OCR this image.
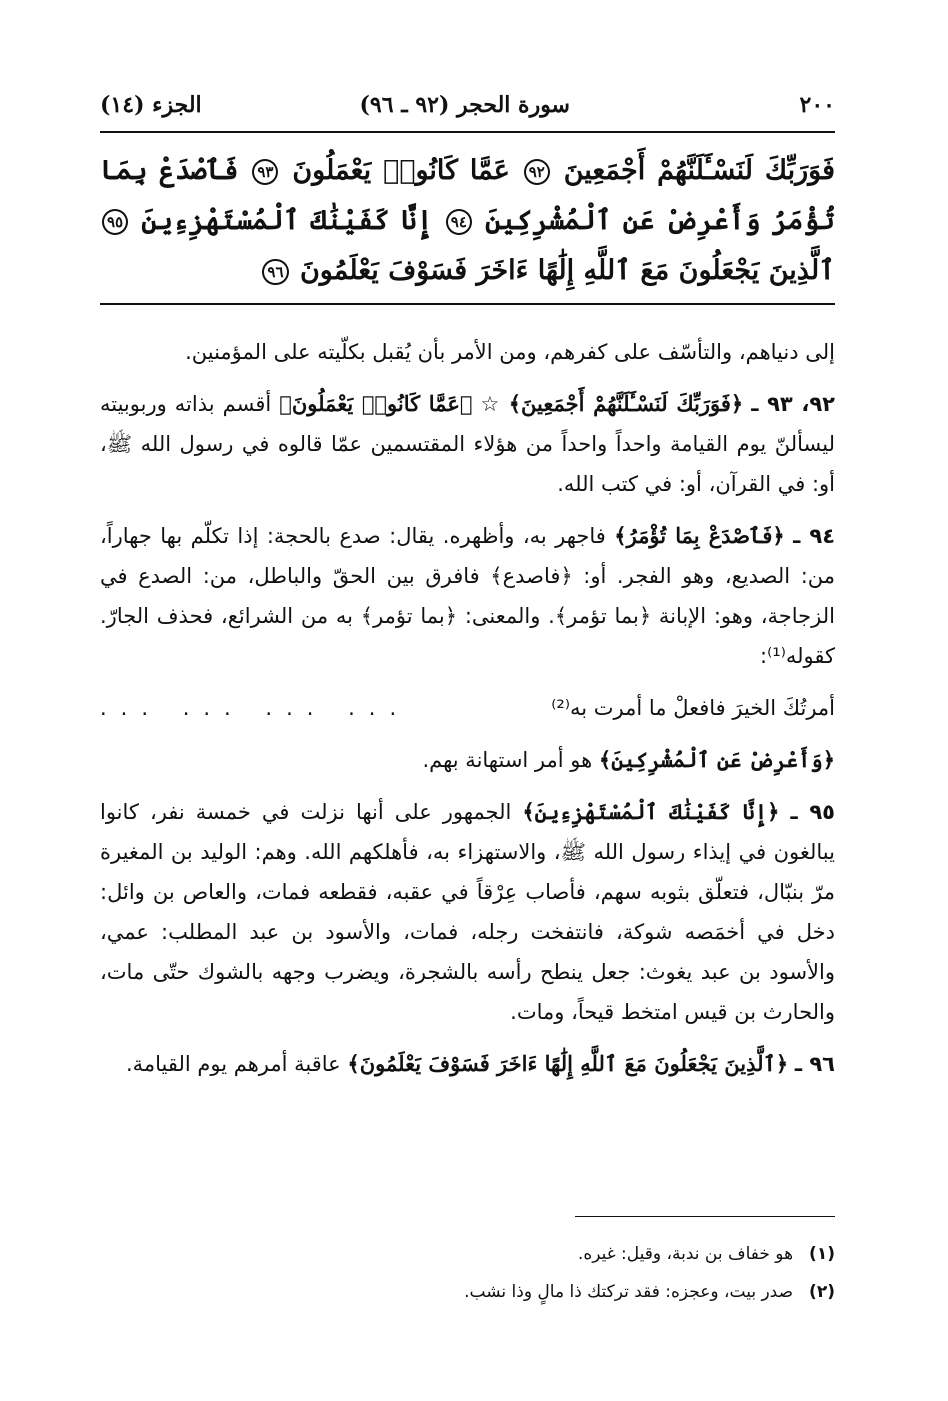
٢٠٠
سورة الحجر (٩٢ ـ ٩٦)
الجزء (١٤)
فَوَرَبِّكَ لَنَسْـَٔلَنَّهُمْ أَجْمَعِينَ ٩٢ عَمَّا كَانُوا۟ يَعْمَلُونَ ٩٣ فَٱصْدَعْ بِمَا تُؤْمَرُ وَأَعْرِضْ عَنِ ٱلْمُشْرِكِينَ ٩٤ إِنَّا كَفَيْنَٰكَ ٱلْمُسْتَهْزِءِينَ ٩٥ ٱلَّذِينَ يَجْعَلُونَ مَعَ ٱللَّهِ إِلَٰهًا ءَاخَرَ فَسَوْفَ يَعْلَمُونَ ٩٦

إلى دنياهم، والتأسّف على كفرهم، ومن الأمر بأن يُقبل بكلّيته على المؤمنين.

٩٢، ٩٣ ـ ﴿فَوَرَبِّكَ لَنَسْـَٔلَنَّهُمْ أَجْمَعِينَ﴾ ☆ ﴿عَمَّا كَانُوا۟ يَعْمَلُونَ﴾ أقسم بذاته وربوبيته ليسألنّ يوم القيامة واحداً واحداً من هؤلاء المقتسمين عمّا قالوه في رسول الله ﷺ، أو: في القرآن، أو: في كتب الله.

٩٤ ـ ﴿فَٱصْدَعْ بِمَا تُؤْمَرُ﴾ فاجهر به، وأظهره. يقال: صدع بالحجة: إذا تكلّم بها جهاراً، من: الصديع، وهو الفجر. أو: ﴿فاصدع﴾ فافرق بين الحقّ والباطل، من: الصدع في الزجاجة، وهو: الإبانة ﴿بما تؤمر﴾. والمعنى: ﴿بما تؤمر﴾ به من الشرائع، فحذف الجارّ. كقوله⁽¹⁾:

أمرتُكَ الخيرَ فافعلْ ما أمرت به⁽²⁾
... ... ... ...

﴿وَأَعْرِضْ عَنِ ٱلْمُشْرِكِينَ﴾ هو أمر استهانة بهم.

٩٥ ـ ﴿إِنَّا كَفَيْنَٰكَ ٱلْمُسْتَهْزِءِينَ﴾ الجمهور على أنها نزلت في خمسة نفر، كانوا يبالغون في إيذاء رسول الله ﷺ، والاستهزاء به، فأهلكهم الله. وهم: الوليد بن المغيرة مرّ بنبّال، فتعلّق بثوبه سهم، فأصاب عِرْقاً في عقبه، فقطعه فمات، والعاص بن وائل: دخل في أخمَصه شوكة، فانتفخت رجله، فمات، والأسود بن عبد المطلب: عمي، والأسود بن عبد يغوث: جعل ينطح رأسه بالشجرة، ويضرب وجهه بالشوك حتّى مات، والحارث بن قيس امتخط قيحاً، ومات.

٩٦ ـ ﴿ٱلَّذِينَ يَجْعَلُونَ مَعَ ٱللَّهِ إِلَٰهًا ءَاخَرَ فَسَوْفَ يَعْلَمُونَ﴾ عاقبة أمرهم يوم القيامة.

(١)
هو خفاف بن ندبة، وقيل: غيره.
(٢)
صدر بيت، وعجزه: فقد تركتك ذا مالٍ وذا نشب.
